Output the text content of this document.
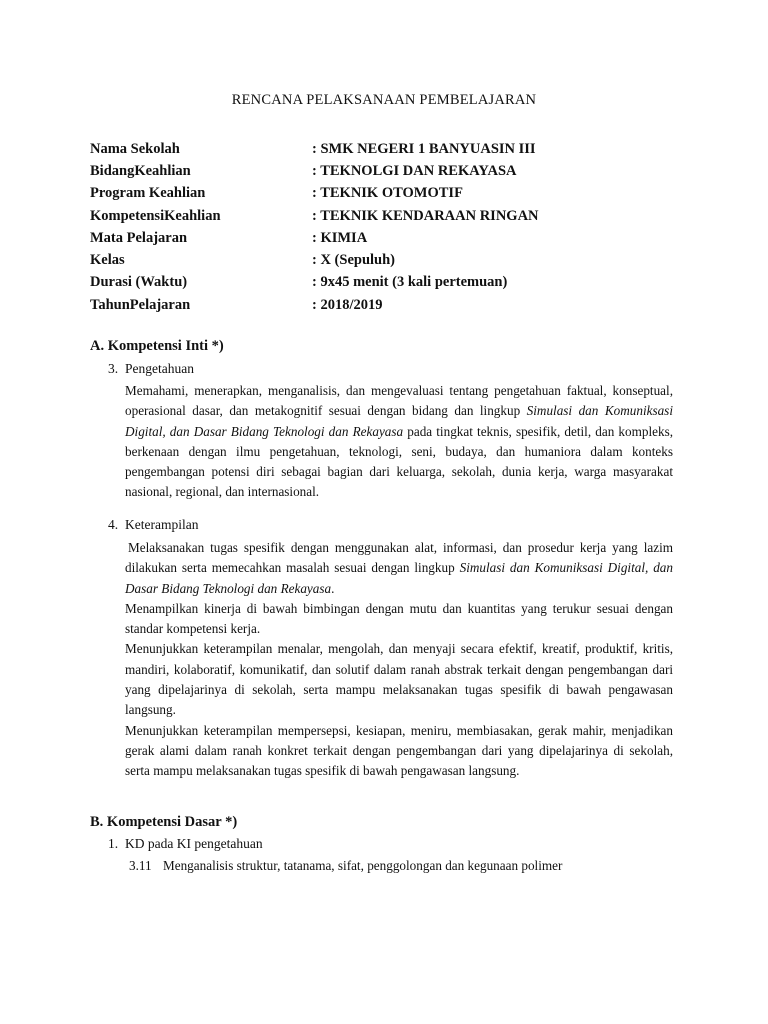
RENCANA PELAKSANAAN PEMBELAJARAN
Nama Sekolah	: SMK NEGERI 1 BANYUASIN III
BidangKeahlian	: TEKNOLGI DAN REKAYASA
Program Keahlian	: TEKNIK OTOMOTIF
KompetensiKeahlian	: TEKNIK KENDARAAN RINGAN
Mata Pelajaran	: KIMIA
Kelas	: X (Sepuluh)
Durasi (Waktu)	: 9x45 menit (3 kali pertemuan)
TahunPelajaran	: 2018/2019
A. Kompetensi Inti *)
3. Pengetahuan

Memahami, menerapkan, menganalisis, dan mengevaluasi tentang pengetahuan faktual, konseptual, operasional dasar, dan metakognitif sesuai dengan bidang dan lingkup Simulasi dan Komuniksasi Digital, dan Dasar Bidang Teknologi dan Rekayasa pada tingkat teknis, spesifik, detil, dan kompleks, berkenaan dengan ilmu pengetahuan, teknologi, seni, budaya, dan humaniora dalam konteks pengembangan potensi diri sebagai bagian dari keluarga, sekolah, dunia kerja, warga masyarakat nasional, regional, dan internasional.

4. Keterampilan

Melaksanakan tugas spesifik dengan menggunakan alat, informasi, dan prosedur kerja yang lazim dilakukan serta memecahkan masalah sesuai dengan lingkup Simulasi dan Komuniksasi Digital, dan Dasar Bidang Teknologi dan Rekayasa.

Menampilkan kinerja di bawah bimbingan dengan mutu dan kuantitas yang terukur sesuai dengan standar kompetensi kerja.

Menunjukkan keterampilan menalar, mengolah, dan menyaji secara efektif, kreatif, produktif, kritis, mandiri, kolaboratif, komunikatif, dan solutif dalam ranah abstrak terkait dengan pengembangan dari yang dipelajarinya di sekolah, serta mampu melaksanakan tugas spesifik di bawah pengawasan langsung.

Menunjukkan keterampilan mempersepsi, kesiapan, meniru, membiasakan, gerak mahir, menjadikan gerak alami dalam ranah konkret terkait dengan pengembangan dari yang dipelajarinya di sekolah, serta mampu melaksanakan tugas spesifik di bawah pengawasan langsung.

B. Kompetensi Dasar *)
1. KD pada KI pengetahuan
3.11 Menganalisis struktur, tatanama, sifat, penggolongan dan kegunaan polimer
